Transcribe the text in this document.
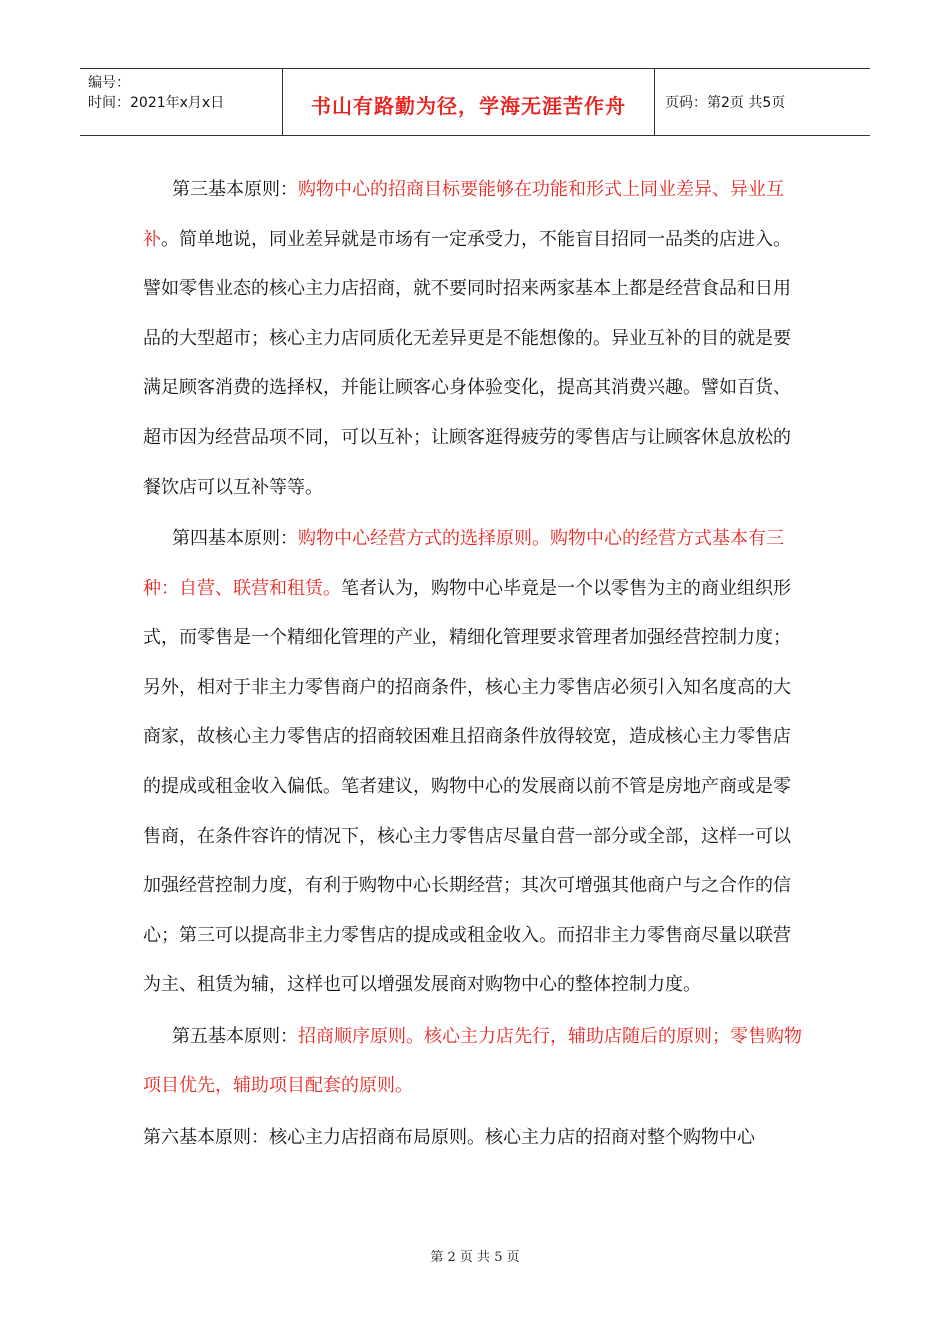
编号：
时间：2021年x月x日	书山有路勤为径，学海无涯苦作舟	页码：第2页 共5页

第三基本原则：购物中心的招商目标要能够在功能和形式上同业差异、异业互补。简单地说，同业差异就是市场有一定承受力，不能盲目招同一品类的店进入。譬如零售业态的核心主力店招商，就不要同时招来两家基本上都是经营食品和日用品的大型超市；核心主力店同质化无差异更是不能想像的。异业互补的目的就是要满足顾客消费的选择权，并能让顾客心身体验变化，提高其消费兴趣。譬如百货、超市因为经营品项不同，可以互补；让顾客逛得疲劳的零售店与让顾客休息放松的餐饮店可以互补等等。

第四基本原则：购物中心经营方式的选择原则。购物中心的经营方式基本有三种：自营、联营和租赁。笔者认为，购物中心毕竟是一个以零售为主的商业组织形式，而零售是一个精细化管理的产业，精细化管理要求管理者加强经营控制力度；另外，相对于非主力零售商户的招商条件，核心主力零售店必须引入知名度高的大商家，故核心主力零售店的招商较困难且招商条件放得较宽，造成核心主力零售店的提成或租金收入偏低。笔者建议，购物中心的发展商以前不管是房地产商或是零售商，在条件容许的情况下，核心主力零售店尽量自营一部分或全部，这样一可以加强经营控制力度，有利于购物中心长期经营；其次可增强其他商户与之合作的信心；第三可以提高非主力零售店的提成或租金收入。而招非主力零售商尽量以联营为主、租赁为辅，这样也可以增强发展商对购物中心的整体控制力度。

第五基本原则：招商顺序原则。核心主力店先行，辅助店随后的原则；零售购物项目优先，辅助项目配套的原则。

第六基本原则：核心主力店招商布局原则。核心主力店的招商对整个购物中心

第 2 页 共 5 页
